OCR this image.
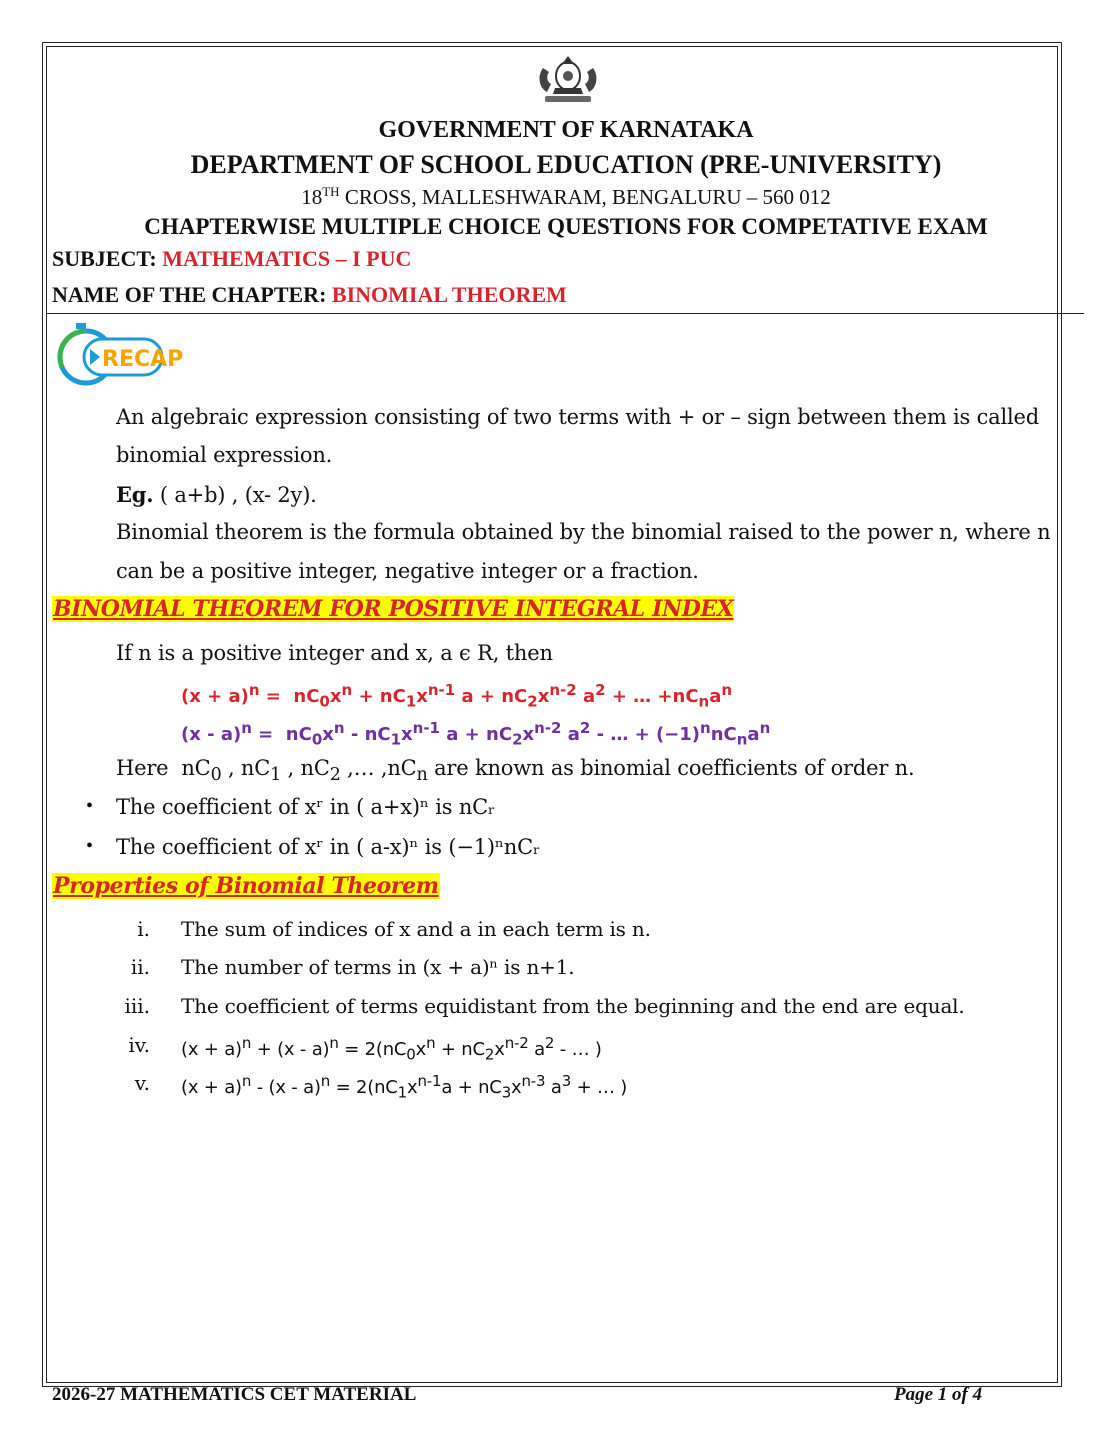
GOVERNMENT OF KARNATAKA
DEPARTMENT OF SCHOOL EDUCATION (PRE-UNIVERSITY)
18TH CROSS, MALLESHWARAM, BENGALURU – 560 012
CHAPTERWISE MULTIPLE CHOICE QUESTIONS FOR COMPETATIVE EXAM
SUBJECT: MATHEMATICS – I PUC
NAME OF THE CHAPTER: BINOMIAL THEOREM
RECAP
An algebraic expression consisting of two terms with + or – sign between them is called
binomial expression.
Eg. ( a+b) , (x- 2y).
Binomial theorem is the formula obtained by the binomial raised to the power n, where n
can be a positive integer, negative integer or a fraction.
BINOMIAL THEOREM FOR POSITIVE INTEGRAL INDEX
If n is a positive integer and x, a ϵ R, then
$(x + a)^n = nC_0x^n + nC_1x^{n-1}$ $a + nC_2x^{n-2}$ $a^2$ + … $+nC_na^n$
$(x - a)^n = nC_0x^n - nC_1x^{n-1}$ $a + nC_2x^{n-2}$ $a^2$ - … + $(-1)^nnC_na^n$
Here  $nC_0$ , $nC_1$ , $nC_2$ ,… $,nC_n$ are known as binomial coefficients of order n.
• The coefficient of xʳ in ( a+x)ⁿ is nCᵣ
• The coefficient of xʳ in ( a-x)ⁿ is (−1)ⁿnCᵣ
Properties of Binomial Theorem
i. The sum of indices of x and a in each term is n.
ii. The number of terms in (x + a)ⁿ is n+1.
iii. The coefficient of terms equidistant from the beginning and the end are equal.
iv. $(x + a)^n + (x - a)^n = 2(nC_0x^n + nC_2x^{n-2}$ $a^2$ - … )
v. $(x + a)^n - (x - a)^n = 2(nC_1x^{n-1}a + nC_3x^{n-3}$ $a^3$ + … )
2026-27 MATHEMATICS CET MATERIAL	Page 1 of 4
